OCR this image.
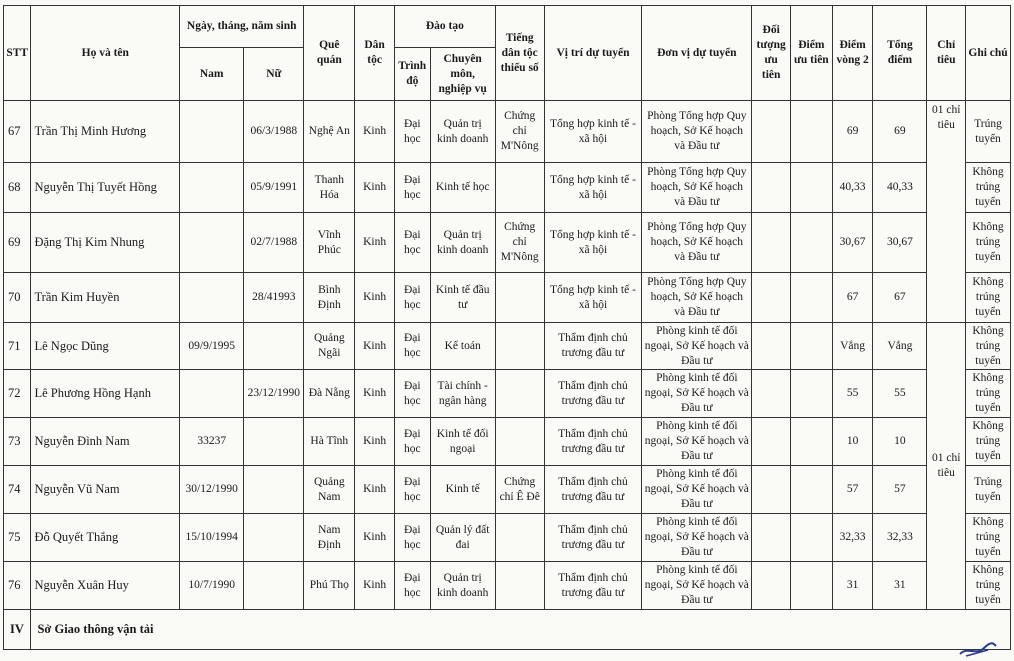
STT	Họ và tên	Ngày, tháng, năm sinh		Quê quán	Dân tộc	Đào tạo		Tiếng dân tộc thiểu số	Vị trí dự tuyển	Đơn vị dự tuyển	Đối tượng ưu tiên	Điểm ưu tiên	Điểm vòng 2	Tổng điểm	Chỉ tiêu	Ghi chú
		Nam	Nữ			Trình độ	Chuyên môn, nghiệp vụ									
67	Trần Thị Minh Hương		06/3/1988	Nghệ An	Kinh	Đại học	Quản trị kinh doanh	Chứng chỉ M'Nông	Tổng hợp kinh tế - xã hội	Phòng Tổng hợp Quy hoạch, Sở Kế hoạch và Đầu tư			69	69	01 chỉ tiêu	Trúng tuyển
68	Nguyễn Thị Tuyết Hồng		05/9/1991	Thanh Hóa	Kinh	Đại học	Kinh tế học		Tổng hợp kinh tế - xã hội	Phòng Tổng hợp Quy hoạch, Sở Kế hoạch và Đầu tư			40,33	40,33		Không trúng tuyển
69	Đặng Thị Kim Nhung		02/7/1988	Vĩnh Phúc	Kinh	Đại học	Quản trị kinh doanh	Chứng chỉ M'Nông	Tổng hợp kinh tế - xã hội	Phòng Tổng hợp Quy hoạch, Sở Kế hoạch và Đầu tư			30,67	30,67		Không trúng tuyển
70	Trần Kim Huyền		28/41993	Bình Định	Kinh	Đại học	Kinh tế đầu tư		Tổng hợp kinh tế - xã hội	Phòng Tổng hợp Quy hoạch, Sở Kế hoạch và Đầu tư			67	67		Không trúng tuyển
71	Lê Ngọc Dũng	09/9/1995		Quảng Ngãi	Kinh	Đại học	Kế toán		Thẩm định chủ trương đầu tư	Phòng kinh tế đối ngoại, Sở Kế hoạch và Đầu tư			Vắng	Vắng	01 chỉ tiêu	Không trúng tuyển
72	Lê Phương Hồng Hạnh		23/12/1990	Đà Nẵng	Kinh	Đại học	Tài chính - ngân hàng		Thẩm định chủ trương đầu tư	Phòng kinh tế đối ngoại, Sở Kế hoạch và Đầu tư			55	55		Không trúng tuyển
73	Nguyễn Đình Nam	33237		Hà Tĩnh	Kinh	Đại học	Kinh tế đối ngoại		Thẩm định chủ trương đầu tư	Phòng kinh tế đối ngoại, Sở Kế hoạch và Đầu tư			10	10		Không trúng tuyển
74	Nguyễn Vũ Nam	30/12/1990		Quảng Nam	Kinh	Đại học	Kinh tế	Chứng chỉ Ê Đê	Thẩm định chủ trương đầu tư	Phòng kinh tế đối ngoại, Sở Kế hoạch và Đầu tư			57	57		Trúng tuyển
75	Đỗ Quyết Thắng	15/10/1994		Nam Định	Kinh	Đại học	Quản lý đất đai		Thẩm định chủ trương đầu tư	Phòng kinh tế đối ngoại, Sở Kế hoạch và Đầu tư			32,33	32,33		Không trúng tuyển
76	Nguyễn Xuân Huy	10/7/1990		Phú Thọ	Kinh	Đại học	Quản trị kinh doanh		Thẩm định chủ trương đầu tư	Phòng kinh tế đối ngoại, Sở Kế hoạch và Đầu tư			31	31		Không trúng tuyển
IV	Sở Giao thông vận tải															
